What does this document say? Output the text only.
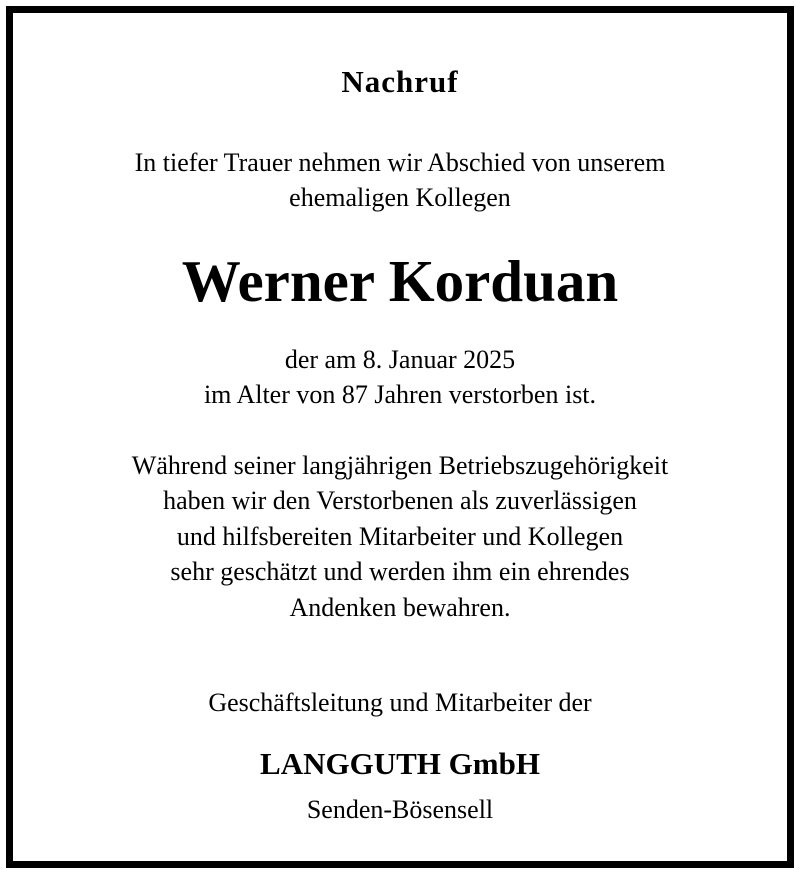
Nachruf
In tiefer Trauer nehmen wir Abschied von unserem
ehemaligen Kollegen
Werner Korduan
der am 8. Januar 2025
im Alter von 87 Jahren verstorben ist.
Während seiner langjährigen Betriebszugehörigkeit
haben wir den Verstorbenen als zuverlässigen
und hilfsbereiten Mitarbeiter und Kollegen
sehr geschätzt und werden ihm ein ehrendes
Andenken bewahren.
Geschäftsleitung und Mitarbeiter der
LANGGUTH GmbH
Senden-Bösensell
